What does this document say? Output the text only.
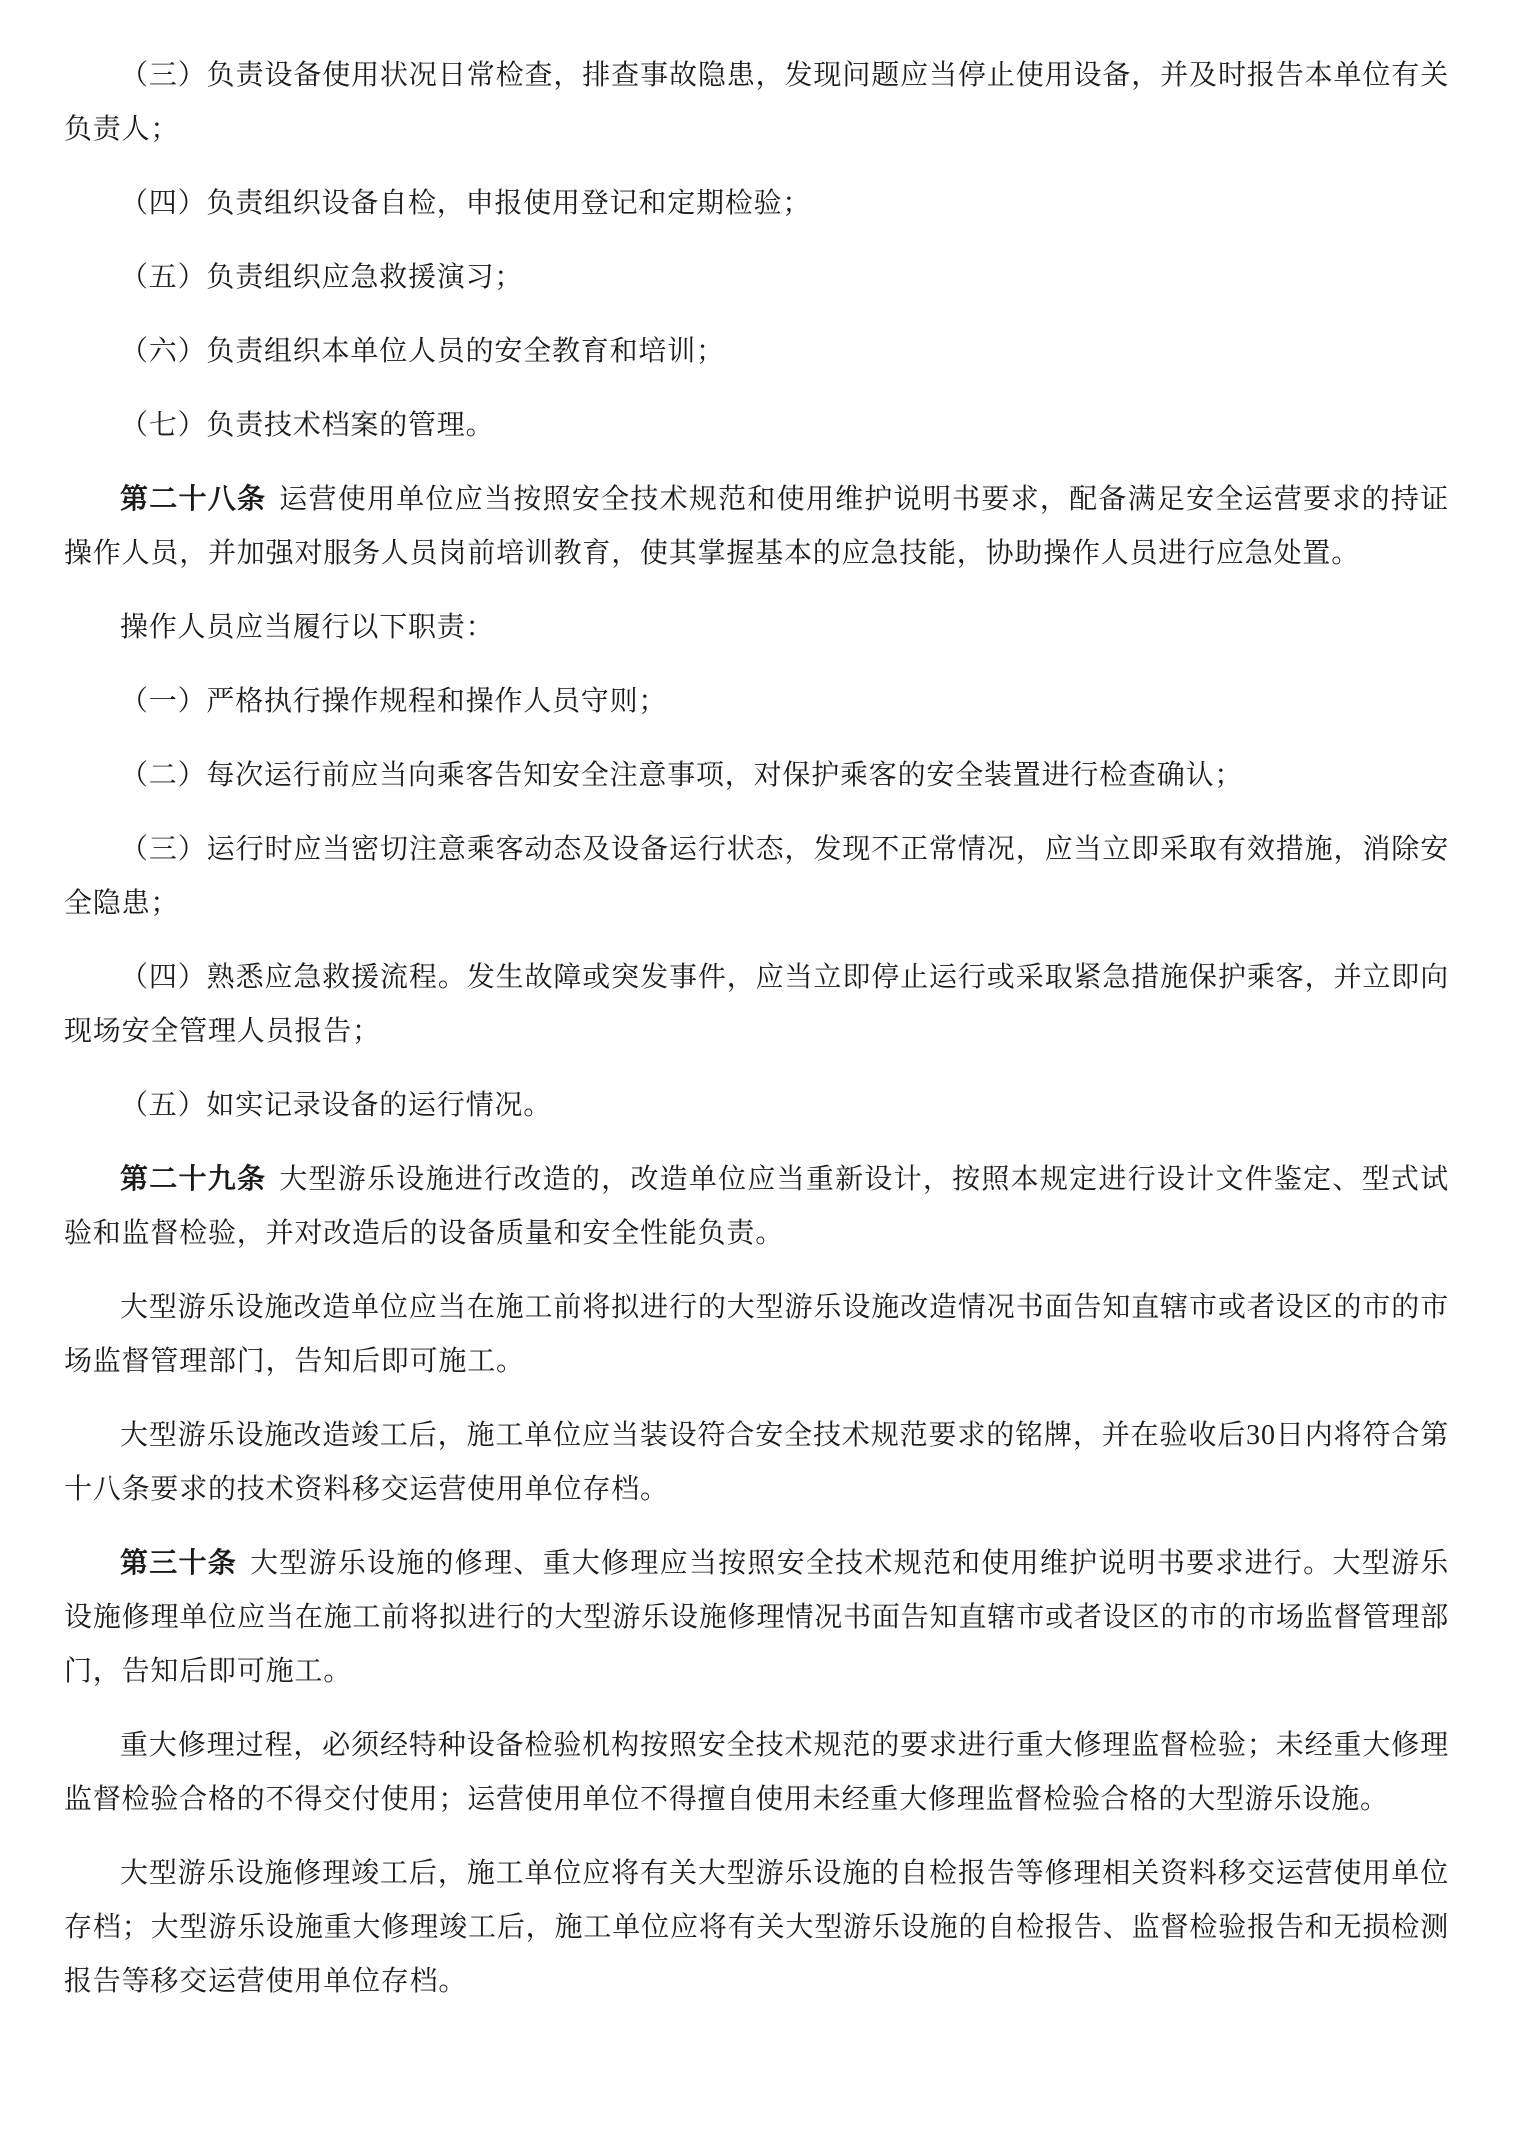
（三）负责设备使用状况日常检查，排查事故隐患，发现问题应当停止使用设备，并及时报告本单位有关负责人；

（四）负责组织设备自检，申报使用登记和定期检验；

（五）负责组织应急救援演习；

（六）负责组织本单位人员的安全教育和培训；

（七）负责技术档案的管理。

第二十八条 运营使用单位应当按照安全技术规范和使用维护说明书要求，配备满足安全运营要求的持证操作人员，并加强对服务人员岗前培训教育，使其掌握基本的应急技能，协助操作人员进行应急处置。

操作人员应当履行以下职责：

（一）严格执行操作规程和操作人员守则；

（二）每次运行前应当向乘客告知安全注意事项，对保护乘客的安全装置进行检查确认；

（三）运行时应当密切注意乘客动态及设备运行状态，发现不正常情况，应当立即采取有效措施，消除安全隐患；

（四）熟悉应急救援流程。发生故障或突发事件，应当立即停止运行或采取紧急措施保护乘客，并立即向现场安全管理人员报告；

（五）如实记录设备的运行情况。

第二十九条 大型游乐设施进行改造的，改造单位应当重新设计，按照本规定进行设计文件鉴定、型式试验和监督检验，并对改造后的设备质量和安全性能负责。

大型游乐设施改造单位应当在施工前将拟进行的大型游乐设施改造情况书面告知直辖市或者设区的市的市场监督管理部门，告知后即可施工。

大型游乐设施改造竣工后，施工单位应当装设符合安全技术规范要求的铭牌，并在验收后30日内将符合第十八条要求的技术资料移交运营使用单位存档。

第三十条 大型游乐设施的修理、重大修理应当按照安全技术规范和使用维护说明书要求进行。大型游乐设施修理单位应当在施工前将拟进行的大型游乐设施修理情况书面告知直辖市或者设区的市的市场监督管理部门，告知后即可施工。

重大修理过程，必须经特种设备检验机构按照安全技术规范的要求进行重大修理监督检验；未经重大修理监督检验合格的不得交付使用；运营使用单位不得擅自使用未经重大修理监督检验合格的大型游乐设施。

大型游乐设施修理竣工后，施工单位应将有关大型游乐设施的自检报告等修理相关资料移交运营使用单位存档；大型游乐设施重大修理竣工后，施工单位应将有关大型游乐设施的自检报告、监督检验报告和无损检测报告等移交运营使用单位存档。
